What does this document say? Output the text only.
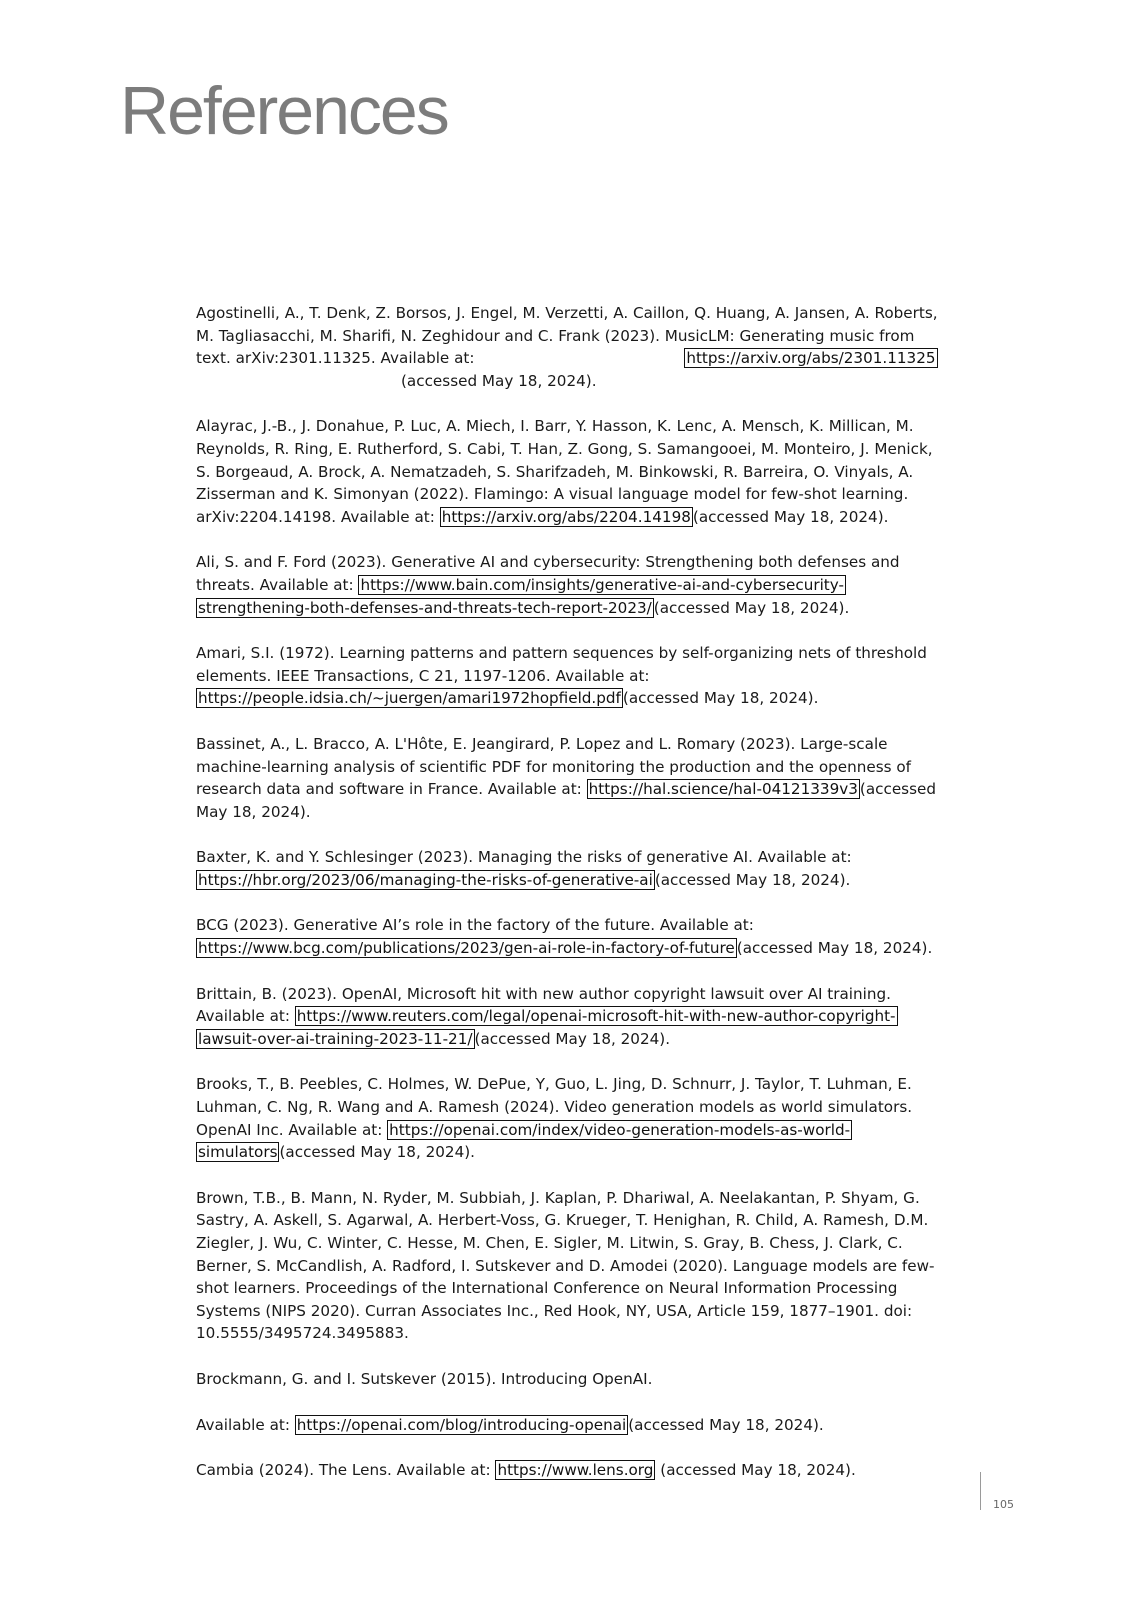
References

Agostinelli, A., T. Denk, Z. Borsos, J. Engel, M. Verzetti, A. Caillon, Q. Huang, A. Jansen, A. Roberts, M. Tagliasacchi, M. Sharifi, N. Zeghidour and C. Frank (2023). MusicLM: Generating music from text. arXiv:2301.11325. Available at:	https://arxiv.org/abs/2301.11325
(accessed May 18, 2024).

Alayrac, J.-B., J. Donahue, P. Luc, A. Miech, I. Barr, Y. Hasson, K. Lenc, A. Mensch, K. Millican, M. Reynolds, R. Ring, E. Rutherford, S. Cabi, T. Han, Z. Gong, S. Samangooei, M. Monteiro, J. Menick, S. Borgeaud, A. Brock, A. Nematzadeh, S. Sharifzadeh, M. Binkowski, R. Barreira, O. Vinyals, A. Zisserman and K. Simonyan (2022). Flamingo: A visual language model for few-shot learning. arXiv:2204.14198. Available at: https://arxiv.org/abs/2204.14198 (accessed May 18, 2024).

Ali, S. and F. Ford (2023). Generative AI and cybersecurity: Strengthening both defenses and threats. Available at: https://www.bain.com/insights/generative-ai-and-cybersecurity-strengthening-both-defenses-and-threats-tech-report-2023/ (accessed May 18, 2024).

Amari, S.I. (1972). Learning patterns and pattern sequences by self-organizing nets of threshold elements. IEEE Transactions, C 21, 1197-1206. Available at: https://people.idsia.ch/~juergen/amari1972hopfield.pdf (accessed May 18, 2024).

Bassinet, A., L. Bracco, A. L'Hôte, E. Jeangirard, P. Lopez and L. Romary (2023). Large-scale machine-learning analysis of scientific PDF for monitoring the production and the openness of research data and software in France. Available at: https://hal.science/hal-04121339v3 (accessed May 18, 2024).

Baxter, K. and Y. Schlesinger (2023). Managing the risks of generative AI. Available at: https://hbr.org/2023/06/managing-the-risks-of-generative-ai (accessed May 18, 2024).

BCG (2023). Generative AI’s role in the factory of the future. Available at: https://www.bcg.com/publications/2023/gen-ai-role-in-factory-of-future (accessed May 18, 2024).

Brittain, B. (2023). OpenAI, Microsoft hit with new author copyright lawsuit over AI training. Available at: https://www.reuters.com/legal/openai-microsoft-hit-with-new-author-copyright-lawsuit-over-ai-training-2023-11-21/ (accessed May 18, 2024).

Brooks, T., B. Peebles, C. Holmes, W. DePue, Y, Guo, L. Jing, D. Schnurr, J. Taylor, T. Luhman, E. Luhman, C. Ng, R. Wang and A. Ramesh (2024). Video generation models as world simulators. OpenAI Inc. Available at: https://openai.com/index/video-generation-models-as-world-simulators (accessed May 18, 2024).

Brown, T.B., B. Mann, N. Ryder, M. Subbiah, J. Kaplan, P. Dhariwal, A. Neelakantan, P. Shyam, G. Sastry, A. Askell, S. Agarwal, A. Herbert-Voss, G. Krueger, T. Henighan, R. Child, A. Ramesh, D.M. Ziegler, J. Wu, C. Winter, C. Hesse, M. Chen, E. Sigler, M. Litwin, S. Gray, B. Chess, J. Clark, C. Berner, S. McCandlish, A. Radford, I. Sutskever and D. Amodei (2020). Language models are few-shot learners. Proceedings of the International Conference on Neural Information Processing Systems (NIPS 2020). Curran Associates Inc., Red Hook, NY, USA, Article 159, 1877–1901. doi: 10.5555/3495724.3495883.

Brockmann, G. and I. Sutskever (2015). Introducing OpenAI.

Available at: https://openai.com/blog/introducing-openai (accessed May 18, 2024).

Cambia (2024). The Lens. Available at: https://www.lens.org (accessed May 18, 2024).

105
